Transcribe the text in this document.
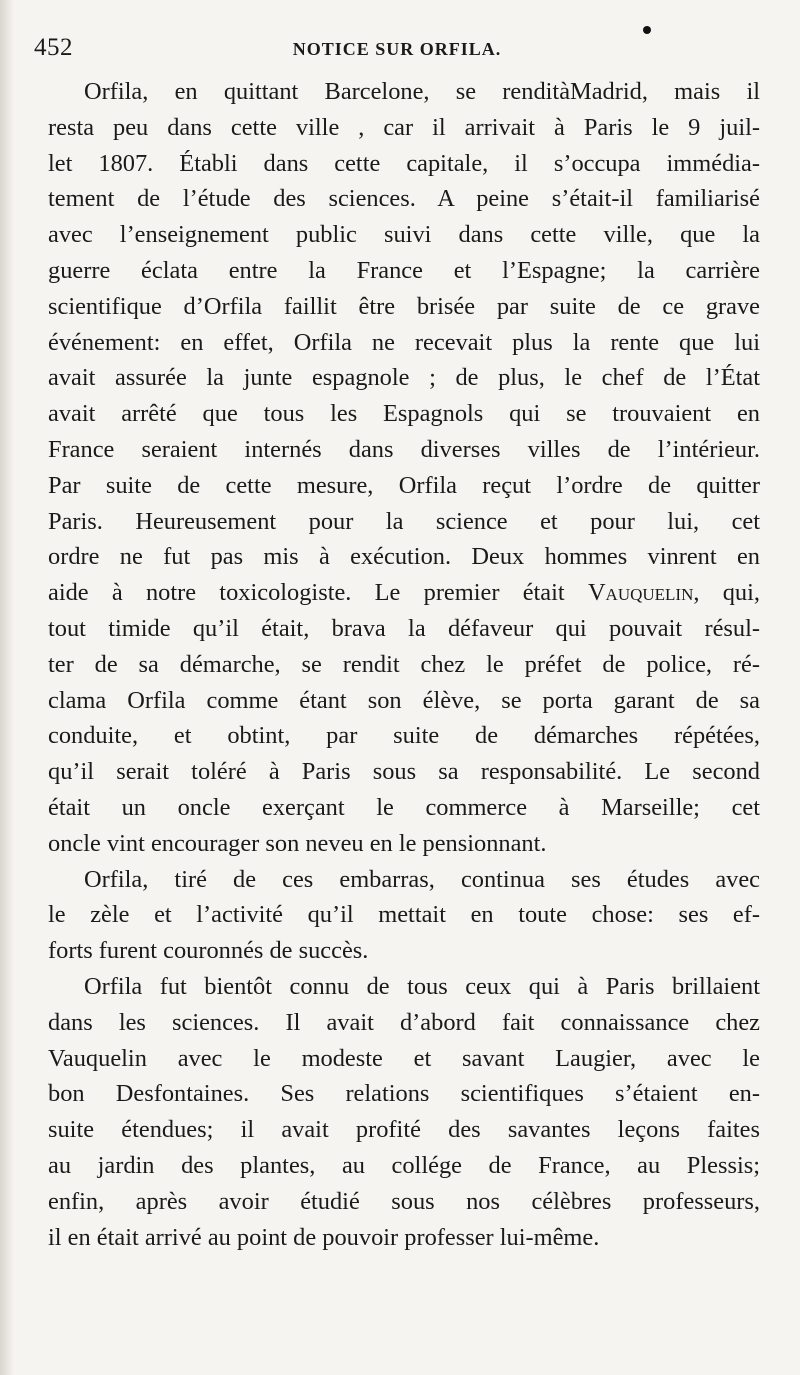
452	NOTICE SUR ORFILA.

Orfila, en quittant Barcelone, se renditàMadrid, mais il
resta peu dans cette ville , car il arrivait à Paris le 9 juil-
let 1807. Établi dans cette capitale, il s’occupa immédia-
tement de l’étude des sciences. A peine s’était-il familiarisé
avec l’enseignement public suivi dans cette ville, que la
guerre éclata entre la France et l’Espagne; la carrière
scientifique d’Orfila faillit être brisée par suite de ce grave
événement: en effet, Orfila ne recevait plus la rente que lui
avait assurée la junte espagnole ; de plus, le chef de l’État
avait arrêté que tous les Espagnols qui se trouvaient en
France seraient internés dans diverses villes de l’intérieur.
Par suite de cette mesure, Orfila reçut l’ordre de quitter
Paris. Heureusement pour la science et pour lui, cet
ordre ne fut pas mis à exécution. Deux hommes vinrent en
aide à notre toxicologiste. Le premier était Vauquelin, qui,
tout timide qu’il était, brava la défaveur qui pouvait résul-
ter de sa démarche, se rendit chez le préfet de police, ré-
clama Orfila comme étant son élève, se porta garant de sa
conduite, et obtint, par suite de démarches répétées,
qu’il serait toléré à Paris sous sa responsabilité. Le second
était un oncle exerçant le commerce à Marseille; cet
oncle vint encourager son neveu en le pensionnant.

Orfila, tiré de ces embarras, continua ses études avec
le zèle et l’activité qu’il mettait en toute chose: ses ef-
forts furent couronnés de succès.

Orfila fut bientôt connu de tous ceux qui à Paris brillaient
dans les sciences. Il avait d’abord fait connaissance chez
Vauquelin avec le modeste et savant Laugier, avec le
bon Desfontaines. Ses relations scientifiques s’étaient en-
suite étendues; il avait profité des savantes leçons faites
au jardin des plantes, au collége de France, au Plessis;
enfin, après avoir étudié sous nos célèbres professeurs,
il en était arrivé au point de pouvoir professer lui-même.
